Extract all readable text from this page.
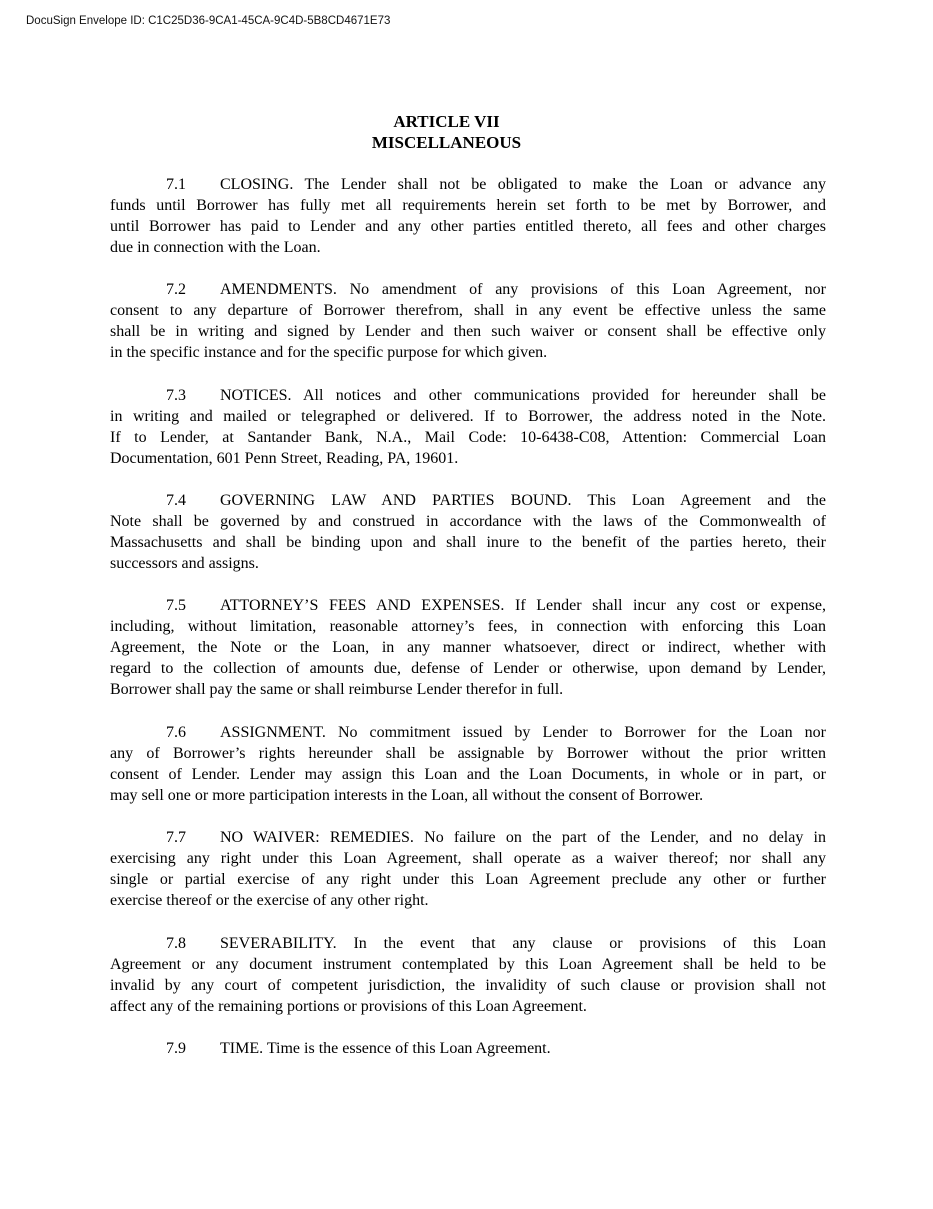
DocuSign Envelope ID: C1C25D36-9CA1-45CA-9C4D-5B8CD4671E73
ARTICLE VII
MISCELLANEOUS
7.1	CLOSING. The Lender shall not be obligated to make the Loan or advance any
funds until Borrower has fully met all requirements herein set forth to be met by Borrower, and
until Borrower has paid to Lender and any other parties entitled thereto, all fees and other charges
due in connection with the Loan.
7.2	AMENDMENTS. No amendment of any provisions of this Loan Agreement, nor
consent to any departure of Borrower therefrom, shall in any event be effective unless the same
shall be in writing and signed by Lender and then such waiver or consent shall be effective only
in the specific instance and for the specific purpose for which given.
7.3	NOTICES. All notices and other communications provided for hereunder shall be
in writing and mailed or telegraphed or delivered. If to Borrower, the address noted in the Note.
If to Lender, at Santander Bank, N.A., Mail Code: 10-6438-C08, Attention: Commercial Loan
Documentation, 601 Penn Street, Reading, PA, 19601.
7.4	GOVERNING LAW AND PARTIES BOUND. This Loan Agreement and the
Note shall be governed by and construed in accordance with the laws of the Commonwealth of
Massachusetts and shall be binding upon and shall inure to the benefit of the parties hereto, their
successors and assigns.
7.5	ATTORNEY’S FEES AND EXPENSES. If Lender shall incur any cost or expense,
including, without limitation, reasonable attorney’s fees, in connection with enforcing this Loan
Agreement, the Note or the Loan, in any manner whatsoever, direct or indirect, whether with
regard to the collection of amounts due, defense of Lender or otherwise, upon demand by Lender,
Borrower shall pay the same or shall reimburse Lender therefor in full.
7.6	ASSIGNMENT. No commitment issued by Lender to Borrower for the Loan nor
any of Borrower’s rights hereunder shall be assignable by Borrower without the prior written
consent of Lender. Lender may assign this Loan and the Loan Documents, in whole or in part, or
may sell one or more participation interests in the Loan, all without the consent of Borrower.
7.7	NO WAIVER: REMEDIES. No failure on the part of the Lender, and no delay in
exercising any right under this Loan Agreement, shall operate as a waiver thereof; nor shall any
single or partial exercise of any right under this Loan Agreement preclude any other or further
exercise thereof or the exercise of any other right.
7.8	SEVERABILITY. In the event that any clause or provisions of this Loan
Agreement or any document instrument contemplated by this Loan Agreement shall be held to be
invalid by any court of competent jurisdiction, the invalidity of such clause or provision shall not
affect any of the remaining portions or provisions of this Loan Agreement.
7.9	TIME. Time is the essence of this Loan Agreement.
